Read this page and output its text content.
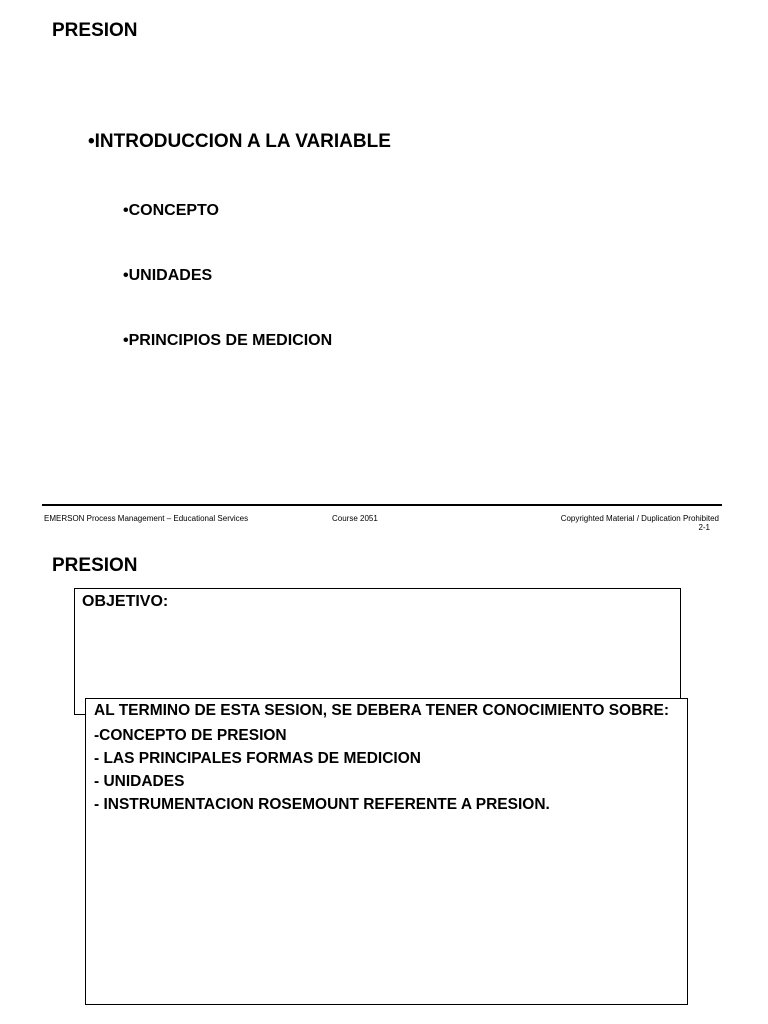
PRESION
•INTRODUCCION A LA VARIABLE
•CONCEPTO
•UNIDADES
•PRINCIPIOS DE MEDICION
EMERSON Process Management – Educational Services	Course 2051	Copyrighted Material / Duplication Prohibited
2-1
PRESION
OBJETIVO:

AL TERMINO DE ESTA SESION, SE DEBERA TENER CONOCIMIENTO SOBRE:

-CONCEPTO DE PRESION

- LAS PRINCIPALES FORMAS DE MEDICION

- UNIDADES

- INSTRUMENTACION ROSEMOUNT REFERENTE A PRESION.
